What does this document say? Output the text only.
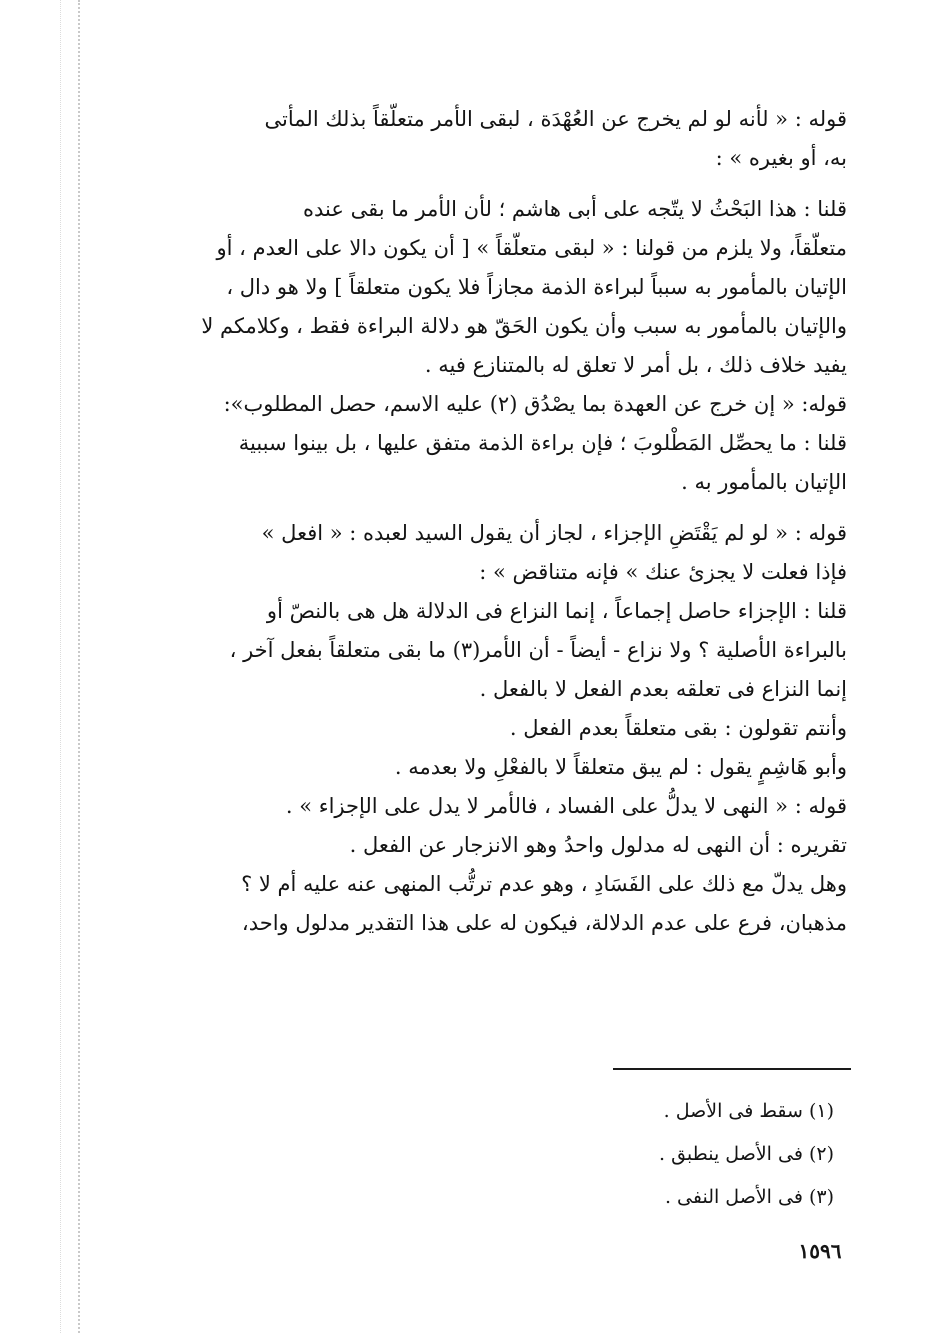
قوله : « لأنه لو لم يخرج عن العُهْدَة ، لبقى الأمر متعلّقاً بذلك المأتى
به، أو بغيره » :
قلنا : هذا البَحْثُ لا يتّجه على أبى هاشم ؛ لأن الأمر ما بقى عنده
متعلّقاً، ولا يلزم من قولنا : « لبقى متعلّقاً » [ أن يكون دالا على العدم ، أو
الإتيان بالمأمور به سبباً لبراءة الذمة مجازاً فلا يكون متعلقاً ] ولا هو دال ،
والإتيان بالمأمور به سبب وأن يكون الحَقّ هو دلالة البراءة فقط ، وكلامكم لا
يفيد خلاف ذلك ، بل أمر لا تعلق له بالمتنازع فيه .
قوله: « إن خرج عن العهدة بما يصْدُق (٢) عليه الاسم، حصل المطلوب»:
قلنا : ما يحصِّل المَطْلوبَ ؛ فإن براءة الذمة متفق عليها ، بل بينوا سببية
الإتيان بالمأمور به .
قوله : « لو لم يَقْتَضِ الإجزاء ، لجاز أن يقول السيد لعبده : « افعل »
فإذا فعلت لا يجزئ عنك » فإنه متناقض » :
قلنا : الإجزاء حاصل إجماعاً ، إنما النزاع فى الدلالة هل هى بالنصّ أو
بالبراءة الأصلية ؟ ولا نزاع - أيضاً - أن الأمر(٣) ما بقى متعلقاً بفعل آخر ،
إنما النزاع فى تعلقه بعدم الفعل لا بالفعل .
وأنتم تقولون : بقى متعلقاً بعدم الفعل .
وأبو هَاشِمٍ يقول : لم يبق متعلقاً لا بالفعْلِ ولا بعدمه .
قوله : « النهى لا يدلُّ على الفساد ، فالأمر لا يدل على الإجزاء » .
تقريره : أن النهى له مدلول واحدُ وهو الانزجار عن الفعل .
وهل يدلّ مع ذلك على الفَسَادِ ، وهو عدم ترتُّب المنهى عنه عليه أم لا ؟
مذهبان، فرع على عدم الدلالة، فيكون له على هذا التقدير مدلول واحد،
(١) سقط فى الأصل .
(٢) فى الأصل ينطبق .
(٣) فى الأصل النفى .
١٥٩٦
